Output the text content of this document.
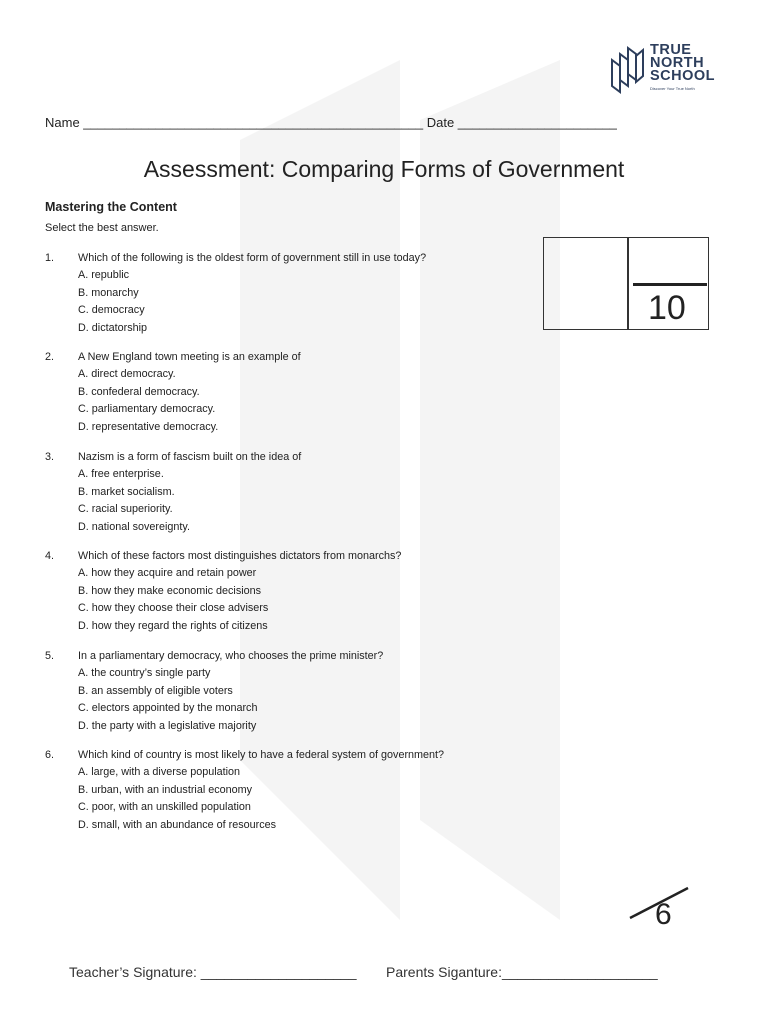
TRUE
NORTH
SCHOOL
Discover Your True North
Name _______________________________________________ Date ______________________
Assessment: Comparing Forms of Government
Mastering the Content
Select the best answer.
1. Which of the following is the oldest form of government still in use today?
A. republic
B. monarchy
C. democracy
D. dictatorship
2. A New England town meeting is an example of
A. direct democracy.
B. confederal democracy.
C. parliamentary democracy.
D. representative democracy.
3. Nazism is a form of fascism built on the idea of
A. free enterprise.
B. market socialism.
C. racial superiority.
D. national sovereignty.
4. Which of these factors most distinguishes dictators from monarchs?
A. how they acquire and retain power
B. how they make economic decisions
C. how they choose their close advisers
D. how they regard the rights of citizens
5. In a parliamentary democracy, who chooses the prime minister?
A. the country’s single party
B. an assembly of eligible voters
C. electors appointed by the monarch
D. the party with a legislative majority
6. Which kind of country is most likely to have a federal system of government?
A. large, with a diverse population
B. urban, with an industrial economy
C. poor, with an unskilled population
D. small, with an abundance of resources
10
6
Teacher’s Signature: ____________________ Parents Siganture:____________________
